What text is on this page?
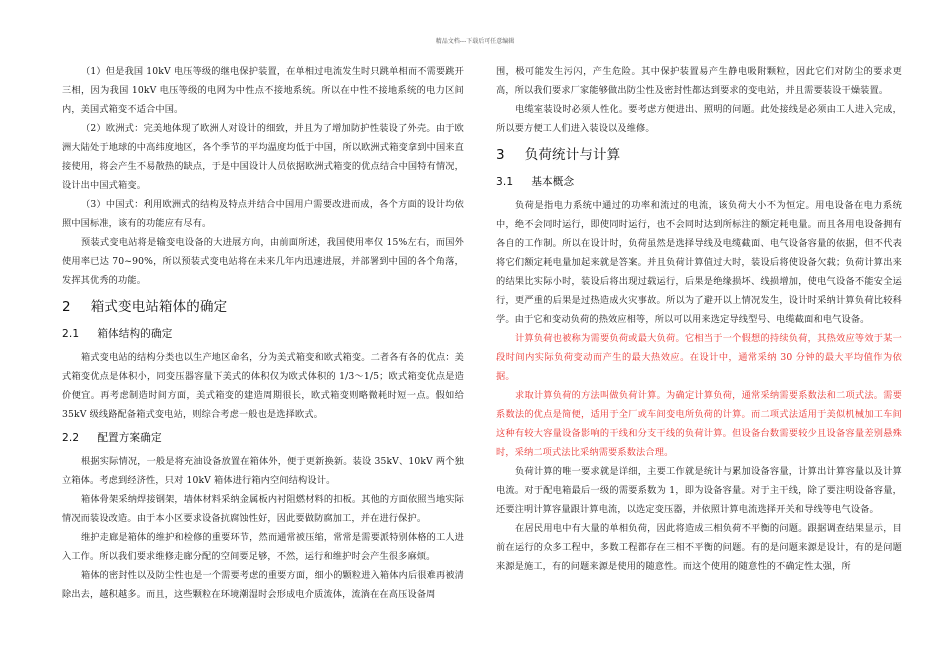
精品文档---下载后可任意编辑

（1）但是我国 10kV 电压等级的继电保护装置，在单相过电流发生时只跳单相而不需要跳开三相，因为我国 10kV 电压等级的电网为中性点不接地系统。所以在中性不接地系统的电力区间内，美国式箱变不适合中国。

（2）欧洲式：完美地体现了欧洲人对设计的细致，并且为了增加防护性装设了外壳。由于欧洲大陆处于地球的中高纬度地区，各个季节的平均温度均低于中国，所以欧洲式箱变拿到中国来直接使用，将会产生不易散热的缺点，于是中国设计人员依据欧洲式箱变的优点结合中国特有情况，设计出中国式箱变。

（3）中国式：利用欧洲式的结构及特点并结合中国用户需要改进而成，各个方面的设计均依照中国标准，该有的功能应有尽有。

预装式变电站将是输变电设备的大进展方向，由前面所述，我国使用率仅 15%左右，而国外使用率已达 70~90%，所以预装式变电站将在未来几年内迅速进展，并部署到中国的各个角落，发挥其优秀的功能。

2 箱式变电站箱体的确定
2.1 箱体结构的确定

箱式变电站的结构分类也以生产地区命名，分为美式箱变和欧式箱变。二者各有各的优点：美式箱变优点是体积小，同变压器容量下美式的体积仅为欧式体积的 1/3～1/5；欧式箱变优点是造价便宜。再考虑制造时间方面，美式箱变的建造周期很长，欧式箱变则略微耗时短一点。假如给 35kV 级线路配备箱式变电站，则综合考虑一般也是选择欧式。

2.2 配置方案确定

根据实际情况，一般是将充油设备放置在箱体外，便于更新换新。装设 35kV、10kV 两个独立箱体。考虑到经济性，只对 10kV 箱体进行箱内空间结构设计。

箱体骨架采纳焊接钢架，墙体材料采纳金属板内衬阻燃材料的扣板。其他的方面依照当地实际情况而装设改造。由于本小区要求设备抗腐蚀性好，因此要做防腐加工，并在进行保护。

维护走廊是箱体的维护和检修的重要环节，然而通常被压缩，常常是需要派特别体格的工人进入工作。所以我们要求维修走廊分配的空间要足够，不然，运行和维护时会产生很多麻烦。

箱体的密封性以及防尘性也是一个需要考虑的重要方面，细小的颗粒进入箱体内后很难再被清除出去，越积越多。而且，这些颗粒在环境潮湿时会形成电介质流体，流淌在在高压设备周

围，极可能发生污闪，产生危险。其中保护装置易产生静电吸附颗粒，因此它们对防尘的要求更高，所以我们要求厂家能够做出防尘性及密封性都达到要求的变电站，并且需要装设干燥装置。

电缆室装设时必须人性化。要考虑方便进出、照明的问题。此处接线是必须由工人进入完成，所以要方便工人们进入装设以及维修。

3 负荷统计与计算
3.1 基本概念

负荷是指电力系统中通过的功率和流过的电流，该负荷大小不为恒定。用电设备在电力系统中，绝不会同时运行，即使同时运行，也不会同时达到所标注的额定耗电量。而且各用电设备拥有各自的工作制。所以在设计时，负荷虽然是选择导线及电缆截面、电气设备容量的依据，但不代表将它们额定耗电量加起来就是答案。并且负荷计算值过大时，装设后将使设备欠载；负荷计算出来的结果比实际小时，装设后将出现过载运行，后果是绝缘损坏、线损增加，使电气设备不能安全运行，更严重的后果是过热造成火灾事故。所以为了避开以上情况发生，设计时采纳计算负荷比较科学。由于它和变动负荷的热效应相等，所以可以用来选定导线型号、电缆截面和电气设备。

计算负荷也被称为需要负荷或最大负荷。它相当于一个假想的持续负荷，其热效应等效于某一段时间内实际负荷变动而产生的最大热效应。在设计中，通常采纳 30 分钟的最大平均值作为依据。

求取计算负荷的方法叫做负荷计算。为确定计算负荷，通常采纳需要系数法和二项式法。需要系数法的优点是简便，适用于全厂或车间变电所负荷的计算。而二项式法适用于美似机械加工车间这种有较大容量设备影响的干线和分支干线的负荷计算。但设备台数需要较少且设备容量差别悬殊时，采纳二项式法比采纳需要系数法合理。

负荷计算的唯一要求就是详细，主要工作就是统计与累加设备容量，计算出计算容量以及计算电流。对于配电箱最后一级的需要系数为 1，即为设备容量。对于主干线，除了要注明设备容量，还要注明计算容量跟计算电流，以选定变压器，并依照计算电流选择开关和导线等电气设备。

在居民用电中有大量的单相负荷，因此将造成三相负荷不平衡的问题。跟据调查结果显示，目前在运行的众多工程中，多数工程都存在三相不平衡的问题。有的是问题来源是设计，有的是问题来源是施工，有的问题来源是使用的随意性。而这个使用的随意性的不确定性太强，所
